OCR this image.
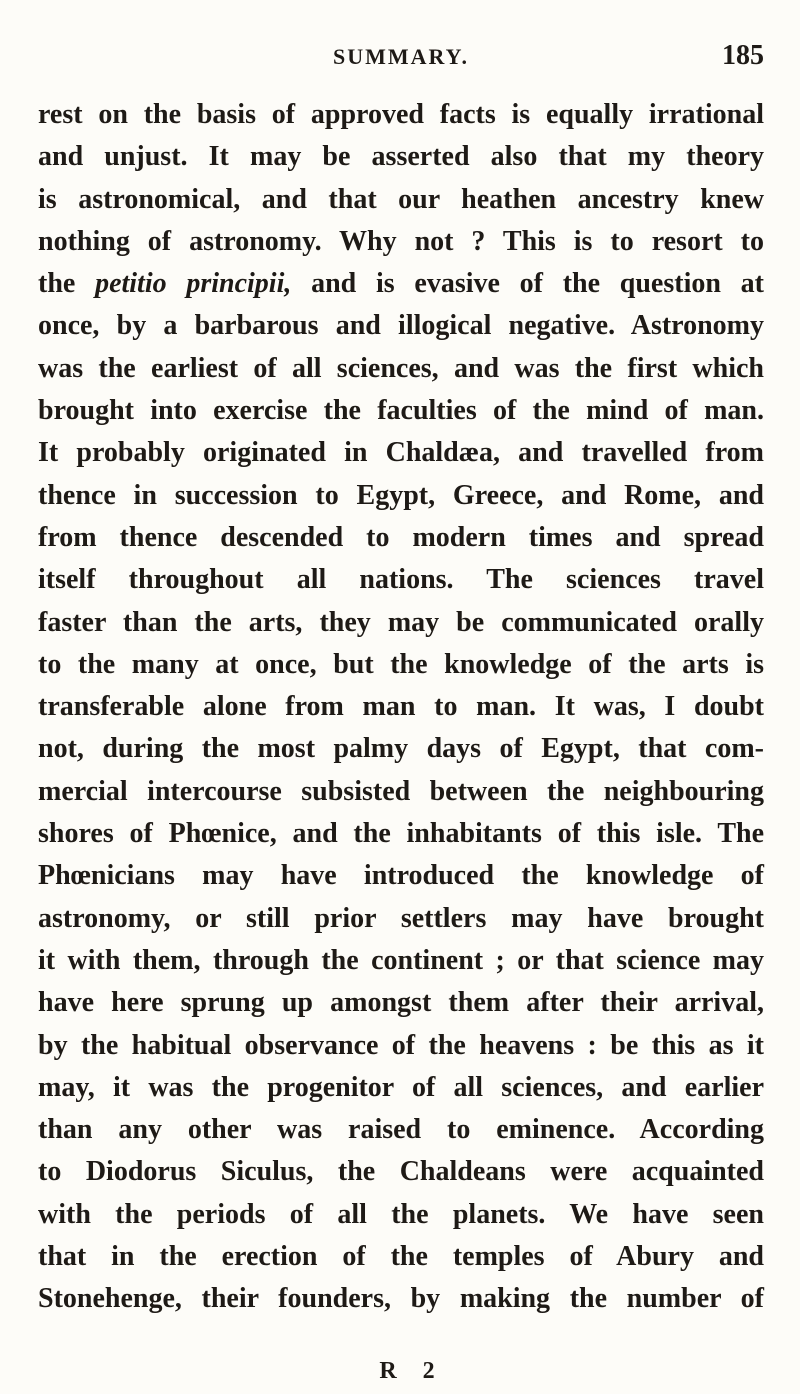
SUMMARY.	185
rest on the basis of approved facts is equally irrational
and unjust. It may be asserted also that my theory
is astronomical, and that our heathen ancestry knew
nothing of astronomy. Why not ? This is to resort to
the petitio principii, and is evasive of the question at
once, by a barbarous and illogical negative. Astronomy
was the earliest of all sciences, and was the first which
brought into exercise the faculties of the mind of man.
It probably originated in Chaldæa, and travelled from
thence in succession to Egypt, Greece, and Rome, and
from thence descended to modern times and spread
itself throughout all nations. The sciences travel
faster than the arts, they may be communicated orally
to the many at once, but the knowledge of the arts is
transferable alone from man to man. It was, I doubt
not, during the most palmy days of Egypt, that com-
mercial intercourse subsisted between the neighbouring
shores of Phœnice, and the inhabitants of this isle. The
Phœnicians may have introduced the knowledge of
astronomy, or still prior settlers may have brought
it with them, through the continent ; or that science may
have here sprung up amongst them after their arrival,
by the habitual observance of the heavens : be this as it
may, it was the progenitor of all sciences, and earlier
than any other was raised to eminence. According
to Diodorus Siculus, the Chaldeans were acquainted
with the periods of all the planets. We have seen
that in the erection of the temples of Abury and
Stonehenge, their founders, by making the number of
R 2
